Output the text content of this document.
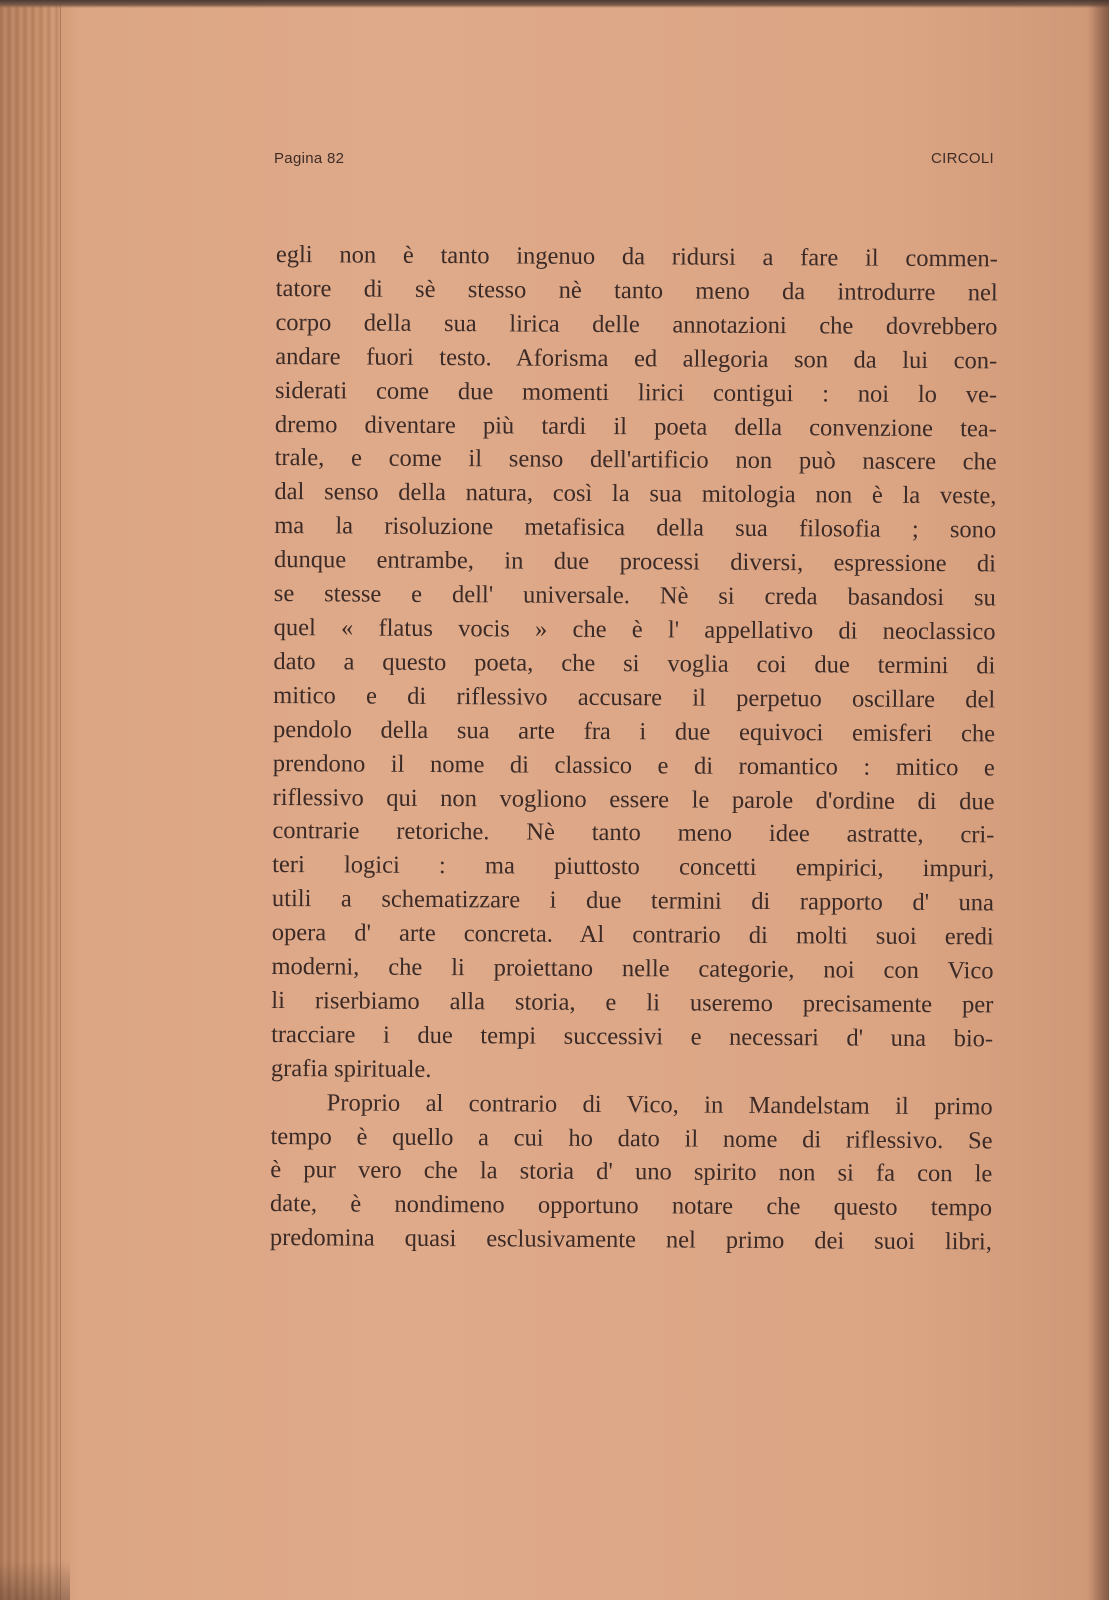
Pagina 82	CIRCOLI
egli non è tanto ingenuo da ridursi a fare il commen-
tatore di sè stesso nè tanto meno da introdurre nel
corpo della sua lirica delle annotazioni che dovrebbero
andare fuori testo. Aforisma ed allegoria son da lui con-
siderati come due momenti lirici contigui : noi lo ve-
dremo diventare più tardi il poeta della convenzione tea-
trale, e come il senso dell'artificio non può nascere che
dal senso della natura, così la sua mitologia non è la veste,
ma la risoluzione metafisica della sua filosofia ; sono
dunque entrambe, in due processi diversi, espressione di
se stesse e dell' universale. Nè si creda basandosi su
quel « flatus vocis » che è l' appellativo di neoclassico
dato a questo poeta, che si voglia coi due termini di
mitico e di riflessivo accusare il perpetuo oscillare del
pendolo della sua arte fra i due equivoci emisferi che
prendono il nome di classico e di romantico : mitico e
riflessivo qui non vogliono essere le parole d'ordine di due
contrarie retoriche. Nè tanto meno idee astratte, cri-
teri logici : ma piuttosto concetti empirici, impuri,
utili a schematizzare i due termini di rapporto d' una
opera d' arte concreta. Al contrario di molti suoi eredi
moderni, che li proiettano nelle categorie, noi con Vico
li riserbiamo alla storia, e li useremo precisamente per
tracciare i due tempi successivi e necessari d' una bio-
grafia spirituale.
Proprio al contrario di Vico, in Mandelstam il primo
tempo è quello a cui ho dato il nome di riflessivo. Se
è pur vero che la storia d' uno spirito non si fa con le
date, è nondimeno opportuno notare che questo tempo
predomina quasi esclusivamente nel primo dei suoi libri,
